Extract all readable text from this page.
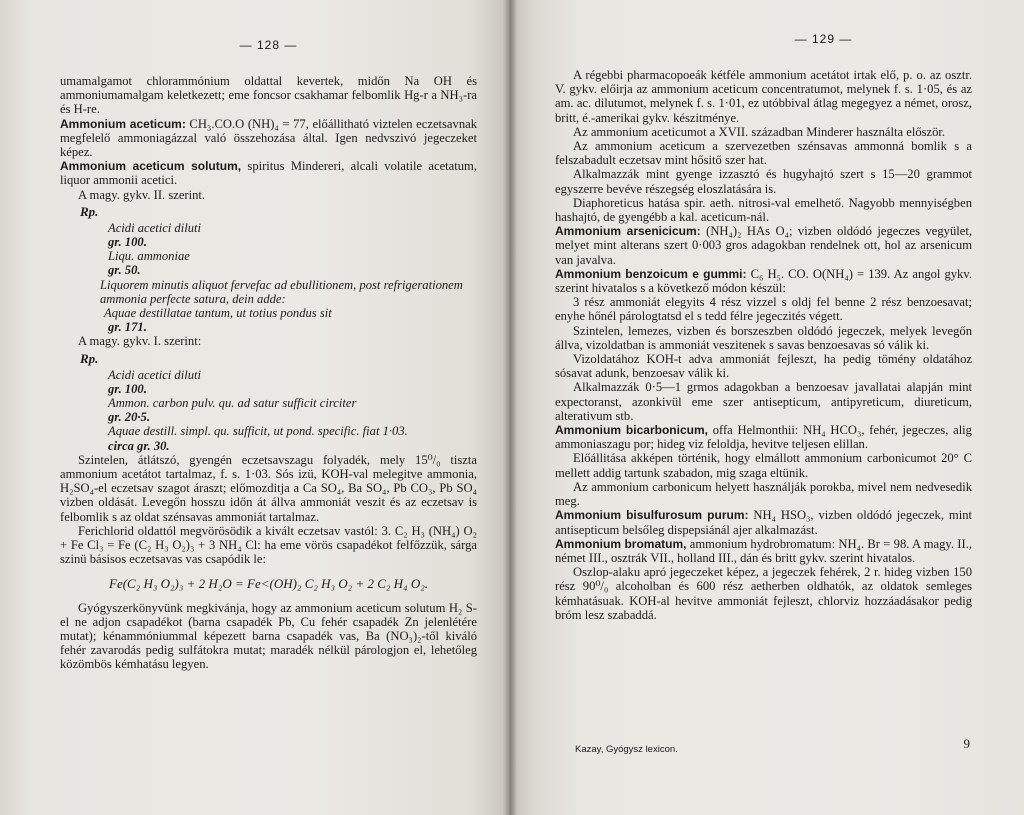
— 128 —

umamalgamot chlorammónium oldattal kevertek, midőn Na OH és ammoniumamalgam keletkezett; eme foncsor csakhamar felbomlik Hg-r a NH₃-ra és H-re.

Ammonium aceticum: CH₃.CO.O (NH)₄ = 77, előállitható viztelen eczetsavnak megfelelő ammoniagázzal való összehozása által. Igen nedvszivó jegeczeket képez.

Ammonium aceticum solutum, spiritus Mindereri, alcali volatile acetatum, liquor ammonii acetici.

A magy. gykv. II. szerint.

Rp.
Acidi acetici diluti
gr. 100.
Liqu. ammoniae
gr. 50.
Liquorem minutis aliquot fervefac ad ebullitionem, post refrigerationem ammonia perfecte satura, dein adde:
Aquae destillatae tantum, ut totius pondus sit
gr. 171.

A magy. gykv. I. szerint:

Rp.
Acidi acetici diluti
gr. 100.
Ammon. carbon pulv. qu. ad satur sufficit circiter
gr. 20·5.
Aquae destill. simpl. qu. sufficit, ut pond. specific. fiat 1·03.
circa gr. 30.

Szintelen, átlátszó, gyengén eczetsavszagu folyadék, mely 15⁰/₀ tiszta ammonium acetátot tartalmaz, f. s. 1·03. Sós izü, KOH-val melegitve ammonia, H₂SO₄-el eczetsav szagot áraszt; előmozditja a Ca SO₄, Ba SO₄, Pb CO₃, Pb SO₄ vizben oldását. Levegőn hosszu időn át állva ammoniát veszit és az eczetsav is felbomlik s az oldat szénsavas ammoniát tartalmaz.

Ferichlorid oldattól megvörösödik a kivált eczetsav vastól: 3. C₂ H₃ (NH₄) O₂ + Fe Cl₃ = Fe (C₂ H₃ O₂)₃ + 3 NH₄ Cl: ha eme vörös csapadékot felfőzzük, sárga szinü básisos eczetsavas vas csapódik le:

Fe(C₂ H₃ O₂)₃ + 2 H₂O = Fe<(OH)₂ C₂ H₃ O₂ + 2 C₂ H₄ O₂.

Gyógyszerkönyvünk megkivánja, hogy az ammonium aceticum solutum H₂ S-el ne adjon csapadékot (barna csapadék Pb, Cu fehér csapadék Zn jelenlétére mutat); kénammóniummal képezett barna csapadék vas, Ba (NO₃)₂-től kiváló fehér zavarodás pedig sulfátokra mutat; maradék nélkül párologjon el, lehetőleg közömbös kémhatásu legyen.

— 129 —

A régebbi pharmacopoeák kétféle ammonium acetátot irtak elő, p. o. az osztr. V. gykv. előirja az ammonium aceticum concentratumot, melynek f. s. 1·05, és az am. ac. dilutumot, melynek f. s. 1·01, ez utóbbival átlag megegyez a német, orosz, britt, é.-amerikai gykv. készitménye.

Az ammonium aceticumot a XVII. században Minderer használta először.

Az ammonium aceticum a szervezetben szénsavas ammonná bomlik s a felszabadult eczetsav mint hősitő szer hat.

Alkalmazzák mint gyenge izzasztó és hugyhajtó szert s 15—20 grammot egyszerre bevéve részegség eloszlatására is.

Diaphoreticus hatása spir. aeth. nitrosi-val emelhető. Nagyobb mennyiségben hashajtó, de gyengébb a kal. aceticum-nál.

Ammonium arsenicicum: (NH₄)₂ HAs O₄; vizben oldódó jegeczes vegyület, melyet mint alterans szert 0·003 gros adagokban rendelnek ott, hol az arsenicum van javalva.

Ammonium benzoicum e gummi: C₆ H₅. CO. O(NH₄) = 139. Az angol gykv. szerint hivatalos s a következő módon készül:

3 rész ammoniát elegyits 4 rész vizzel s oldj fel benne 2 rész benzoesavat; enyhe hőnél párologtatsd el s tedd félre jegeczités végett.

Szintelen, lemezes, vizben és borszeszben oldódó jegeczek, melyek levegőn állva, vizoldatban is ammoniát veszitenek s savas benzoesavas só válik ki.

Vizoldatához KOH-t adva ammoniát fejleszt, ha pedig tömény oldatához sósavat adunk, benzoesav válik ki.

Alkalmazzák 0·5—1 grmos adagokban a benzoesav javallatai alapján mint expectoranst, azonkivül eme szer antisepticum, antipyreticum, diureticum, alterativum stb.

Ammonium bicarbonicum, offa Helmonthii: NH₄ HCO₃, fehér, jegeczes, alig ammoniaszagu por; hideg viz feloldja, hevitve teljesen elillan.

Előállitása akképen történik, hogy elmállott ammonium carbonicumot 20° C mellett addig tartunk szabadon, mig szaga eltünik.

Az ammonium carbonicum helyett használják porokba, mivel nem nedvesedik meg.

Ammonium bisulfurosum purum: NH₄ HSO₃, vizben oldódó jegeczek, mint antisepticum belsőleg dispepsiánál ajer alkalmazást.

Ammonium bromatum, ammonium hydrobromatum: NH₄. Br = 98. A magy. II., német III., osztrák VII., holland III., dán és britt gykv. szerint hivatalos.

Oszlop-alaku apró jegeczeket képez, a jegeczek fehérek, 2 r. hideg vizben 150 rész 90⁰/₀ alcoholban és 600 rész aetherben oldhatók, az oldatok semleges kémhatásuak. KOH-al hevitve ammoniát fejleszt, chlorviz hozzáadásakor pedig bróm lesz szabaddá.

Kazay, Gyógysz lexicon.	9
